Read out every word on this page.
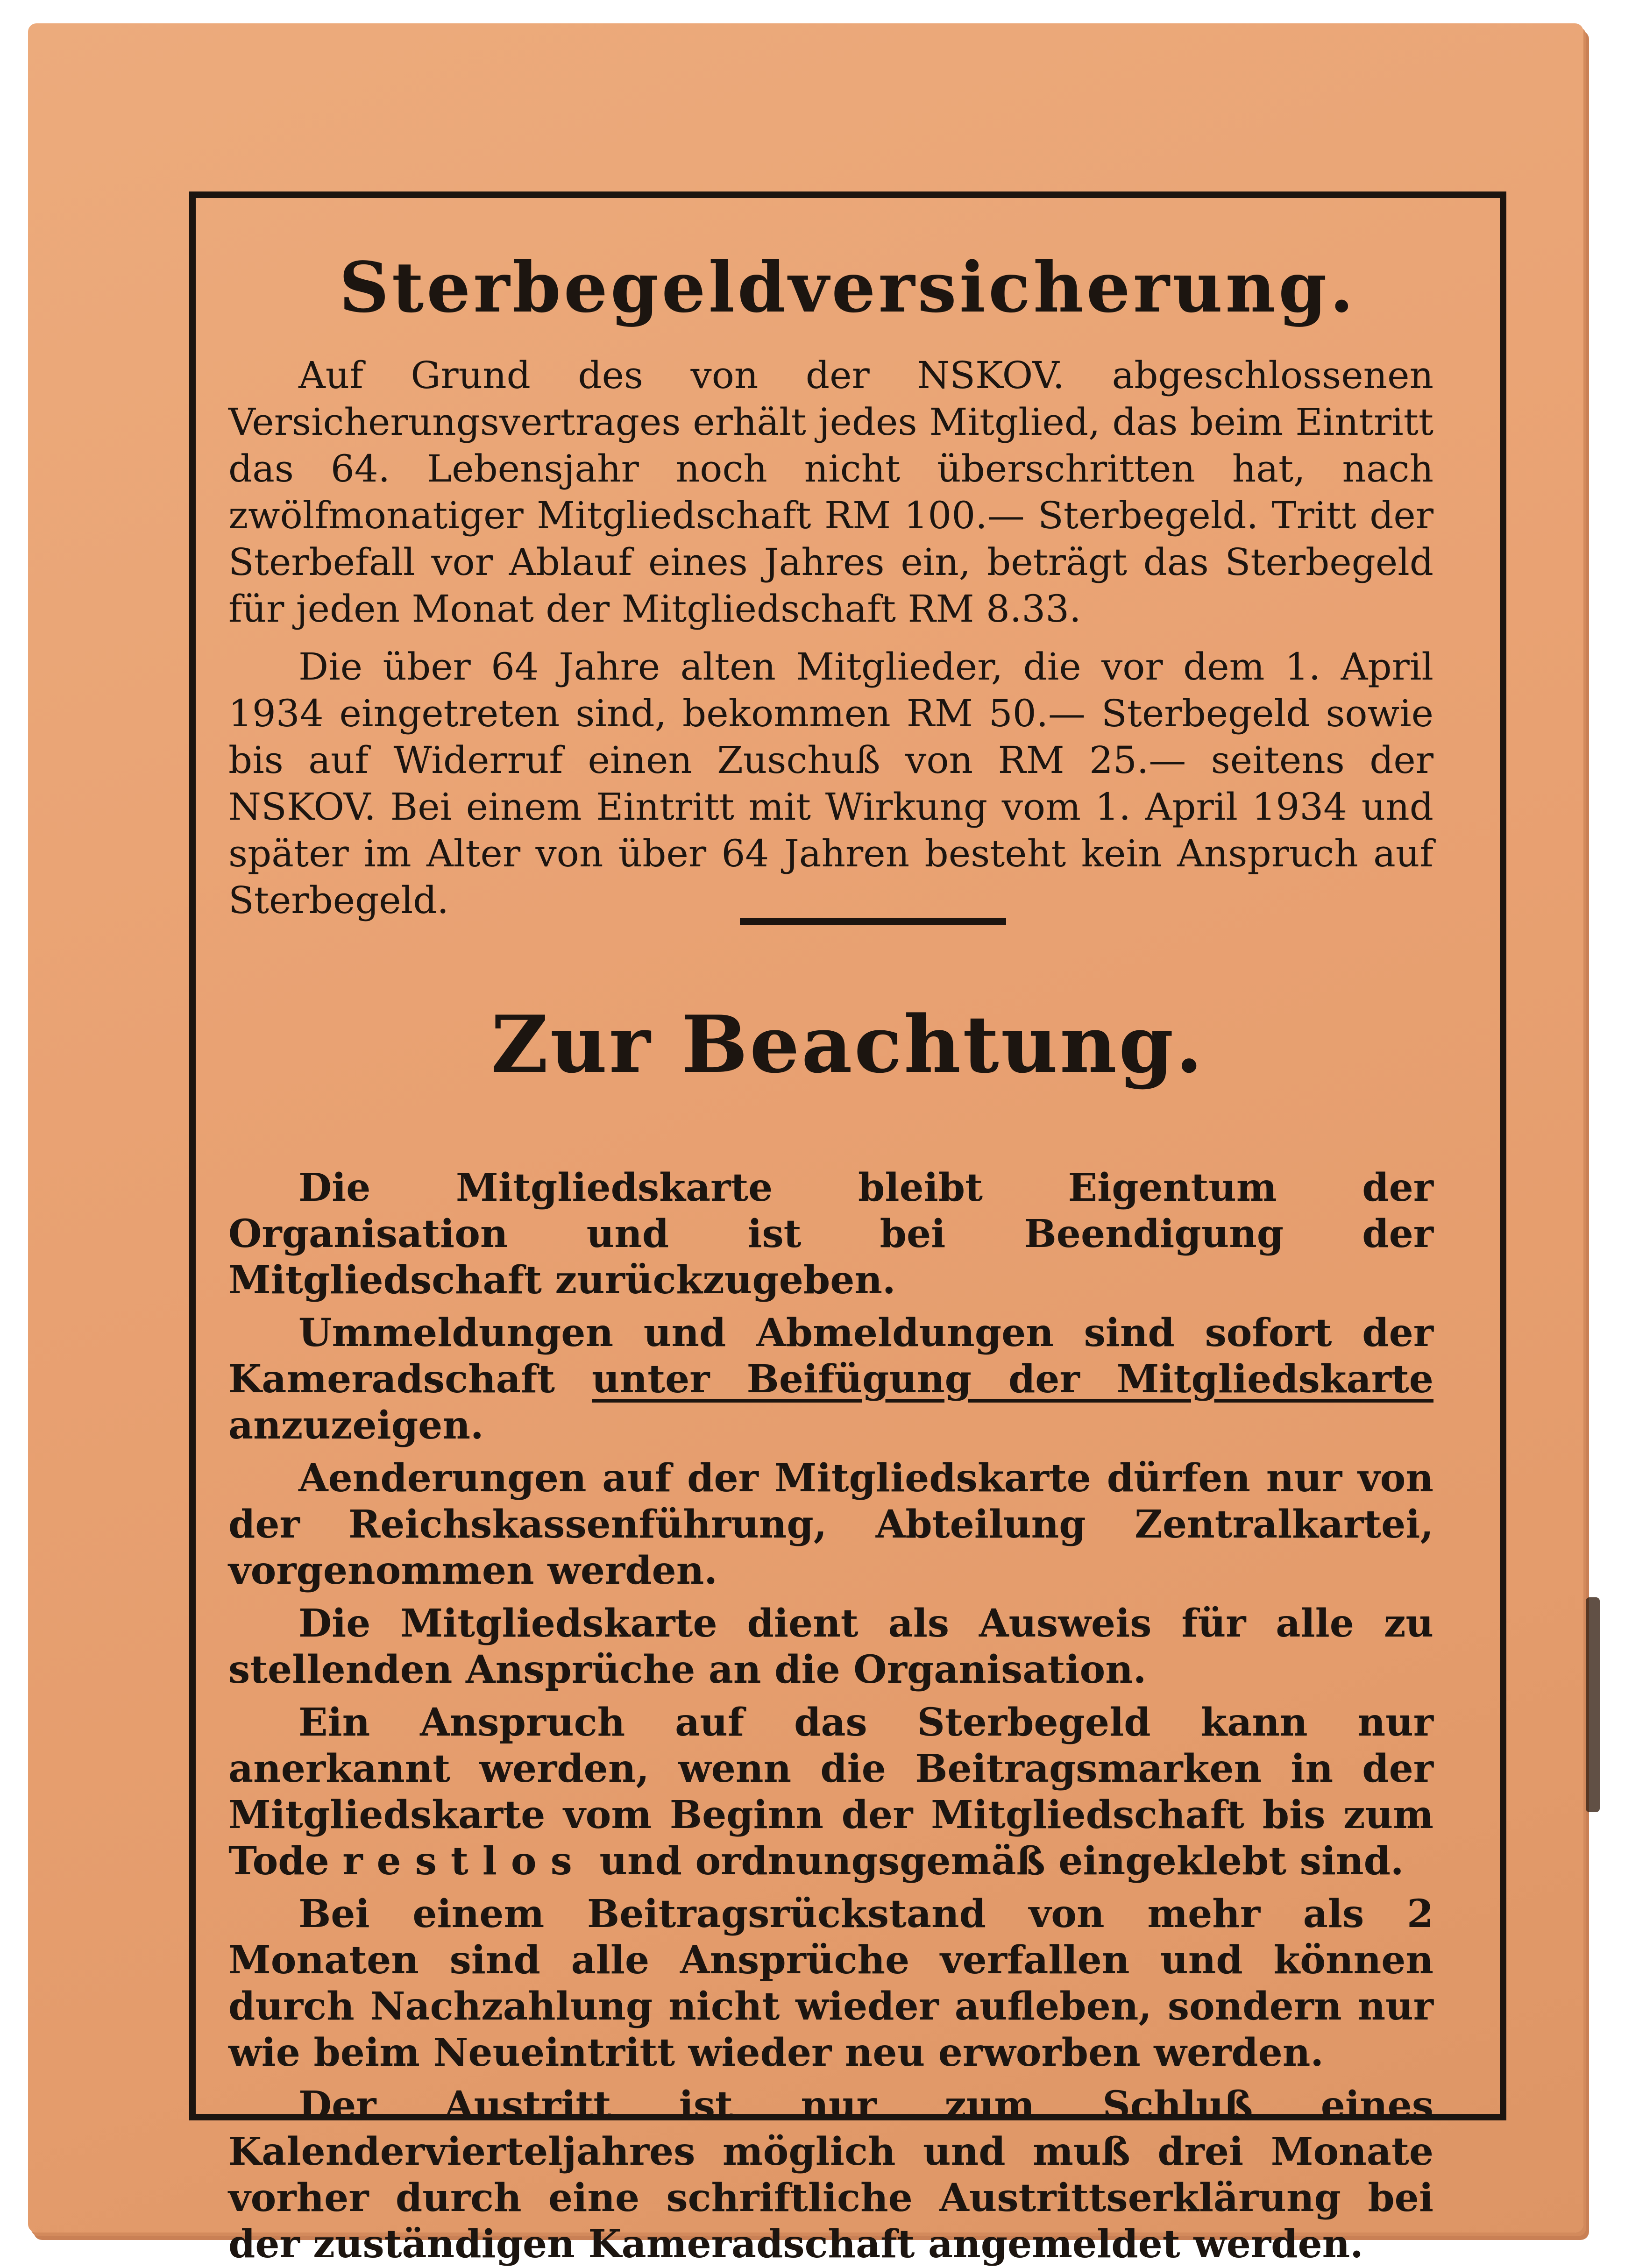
Sterbegeldversicherung.

Auf Grund des von der NSKOV. abgeschlossenen Versicherungsvertrages erhält jedes Mitglied, das beim Eintritt das 64. Lebensjahr noch nicht überschritten hat, nach zwölfmonatiger Mitgliedschaft RM 100.— Sterbegeld. Tritt der Sterbefall vor Ablauf eines Jahres ein, beträgt das Sterbegeld für jeden Monat der Mitgliedschaft RM 8.33.

Die über 64 Jahre alten Mitglieder, die vor dem 1. April 1934 eingetreten sind, bekommen RM 50.— Sterbegeld sowie bis auf Widerruf einen Zuschuß von RM 25.— seitens der NSKOV. Bei einem Eintritt mit Wirkung vom 1. April 1934 und später im Alter von über 64 Jahren besteht kein Anspruch auf Sterbegeld.

Zur Beachtung.

Die Mitgliedskarte bleibt Eigentum der Organisation und ist bei Beendigung der Mitgliedschaft zurückzugeben.

Ummeldungen und Abmeldungen sind sofort der Kameradschaft unter Beifügung der Mitgliedskarte anzuzeigen.

Aenderungen auf der Mitgliedskarte dürfen nur von der Reichskassenführung, Abteilung Zentralkartei, vorgenommen werden.

Die Mitgliedskarte dient als Ausweis für alle zu stellenden Ansprüche an die Organisation.

Ein Anspruch auf das Sterbegeld kann nur anerkannt werden, wenn die Beitragsmarken in der Mitgliedskarte vom Beginn der Mitgliedschaft bis zum Tode restlos und ordnungsgemäß eingeklebt sind.

Bei einem Beitragsrückstand von mehr als 2 Monaten sind alle Ansprüche verfallen und können durch Nachzahlung nicht wieder aufleben, sondern nur wie beim Neueintritt wieder neu erworben werden.

Der Austritt ist nur zum Schluß eines Kalendervierteljahres möglich und muß drei Monate vorher durch eine schriftliche Austrittserklärung bei der zuständigen Kameradschaft angemeldet werden.
